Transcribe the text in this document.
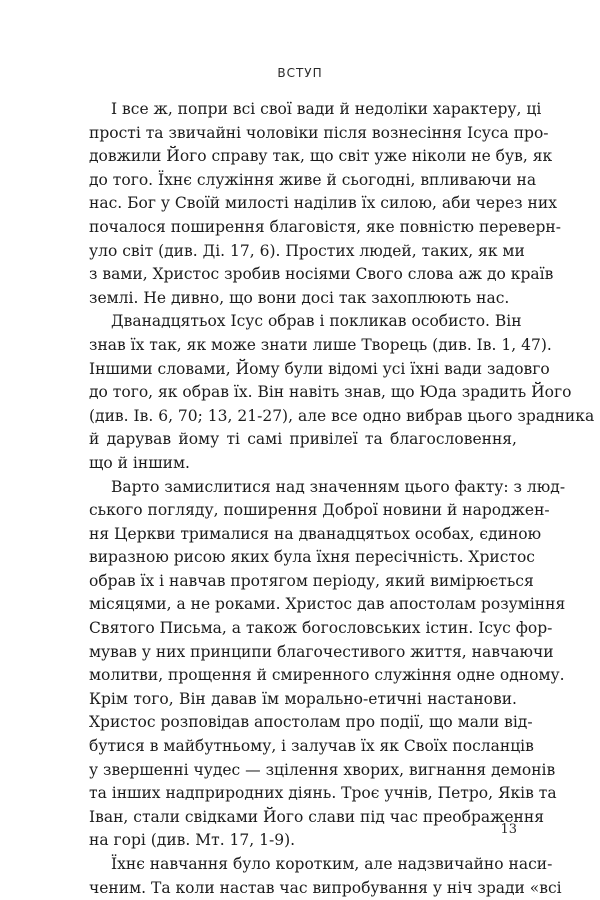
ВСТУП
І все ж, попри всі свої вади й недоліки характеру, ці
прості та звичайні чоловіки після вознесіння Ісуса про-
довжили Його справу так, що світ уже ніколи не був, як
до того. Їхнє служіння живе й сьогодні, впливаючи на
нас. Бог у Своїй милості наділив їх силою, аби через них
почалося поширення благовістя, яке повністю переверн-
уло світ (див. Ді. 17, 6). Простих людей, таких, як ми
з вами, Христос зробив носіями Свого слова аж до країв
землі. Не дивно, що вони досі так захоплюють нас.
Дванадцятьох Ісус обрав і покликав особисто. Він
знав їх так, як може знати лише Творець (див. Ів. 1, 47).
Іншими словами, Йому були відомі усі їхні вади задовго
до того, як обрав їх. Він навіть знав, що Юда зрадить Його
(див. Ів. 6, 70; 13, 21-27), але все одно вибрав цього зрадника
й дарував йому ті самі привілеї та благословення,
що й іншим.
Варто замислитися над значенням цього факту: з люд-
ського погляду, поширення Доброї новини й народжен-
ня Церкви трималися на дванадцятьох особах, єдиною
виразною рисою яких була їхня пересічність. Христос
обрав їх і навчав протягом періоду, який вимірюється
місяцями, а не роками. Христос дав апостолам розуміння
Святого Письма, а також богословських істин. Ісус фор-
мував у них принципи благочестивого життя, навчаючи
молитви, прощення й смиренного служіння одне одному.
Крім того, Він давав їм морально-етичні настанови.
Христос розповідав апостолам про події, що мали від-
бутися в майбутньому, і залучав їх як Своїх посланців
у звершенні чудес — зцілення хворих, вигнання демонів
та інших надприродних діянь. Троє учнів, Петро, Яків та
Іван, стали свідками Його слави під час преображення
на горі (див. Мт. 17, 1-9).
Їхнє навчання було коротким, але надзвичайно наси-
ченим. Та коли настав час випробування у ніч зради «всі
13
